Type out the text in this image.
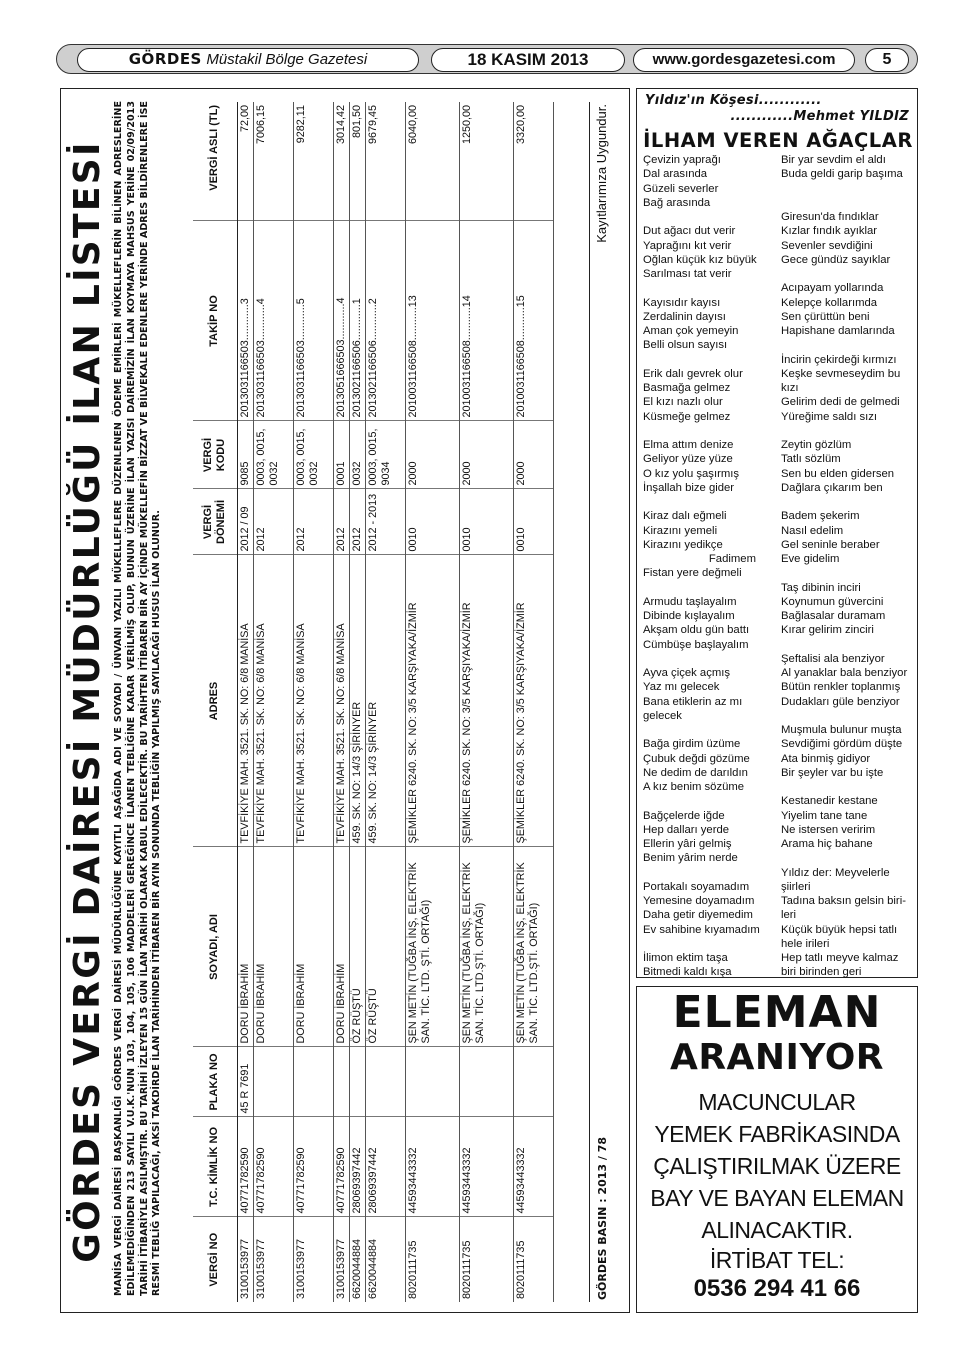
GÖRDES Müstakil Bölge Gazetesi	18 KASIM 2013	www.gordesgazetesi.com	5
GÖRDES VERGİ DAİRESİ MÜDÜRLÜĞÜ İLAN LİSTESİ MANİSA VERGİ DAİRESİ BAŞKANLIĞI GÖRDES VERGİ DAİRESİ MÜDÜRLÜĞÜNE KAYITLI AŞAĞIDA ADI VE SOYADI / ÜNVANI YAZILI MÜKELLEFLERE DÜZENLENEN ÖDEME EMİRLERİ MÜKELLEFLERİN BİLİNEN ADRESLERİNE EDİLEMEDİĞİNDEN 213 SAYILI V.U.K.'NUN 103, 104, 105, 106 MADDELERİ GEREĞİNCE İLANEN TEBLİĞİNE KARAR VERİLMİŞ OLUP, BUNUN ÜZERİNE İLAN YAZISI DAİREMİZİN İLAN KOYMAYA MAHSUS YERİNE 02/09/2013 TARİHİ İTİBARİYLE ASILMIŞTIR. BU TARİHİ İZLEYEN 15 GÜN İLAN TARİHİ OLARAK KABUL EDİLECEKTİR. BU TARİHTEN İTİBAREN BİR AY İÇİNDE MÜKELLEFİN BİZZAT VE BİLVEKALE EDENLERE YERİNDE ADRES BİLDİRENLERE İSE RESMİ TEBLİĞ YAPILACAĞI, AKSİ TAKDİRDE İLAN TARİHİNDEN İTİBAREN BİR AYIN SONUNDA TEBLİĞİN YAPILMIŞ SAYILACAĞI HUSUS İLAN OLUNUR.	VERGİ NO	T.C. KİMLİK NO	PLAKA NO	SOYADI, ADI	ADRES	VERGİ DÖNEMİ	VERGİ KODU	TAKİP NO	VERGİ ASLI (TL)
3100153977	40771782590	45 R 7691	DORU İBRAHİM	TEVFİKİYE MAH. 3521. SK. NO: 6/8 MANİSA	2012 / 09	9085	2013031166503............3	72,00
3100153977	40771782590		DORU İBRAHİM	TEVFİKİYE MAH. 3521. SK. NO: 6/8 MANİSA	2012	0003, 0015, 0032	2013031166503............4	7006,15
3100153977	40771782590		DORU İBRAHİM	TEVFİKİYE MAH. 3521. SK. NO: 6/8 MANİSA	2012	0003, 0015, 0032	2013031166503............5	9282,11
3100153977	40771782590		DORU İBRAHİM	TEVFİKİYE MAH. 3521. SK. NO: 6/8 MANİSA	2012	0001	2013051666503............4	3014,42
6620044884	28069397442		ÖZ RÜŞTÜ	459. SK. NO: 14/3 ŞİRİNYER	2012	0032	2013021166506............1	801,50
6620044884	28069397442		ÖZ RÜŞTÜ	459. SK. NO: 14/3 ŞİRİNYER	2012 - 2013	0003, 0015, 9034	2013021166506............2	9679,45
8020111735	44593443332		ŞEN METİN (TUĞBA İNŞ, ELEKTRİK SAN. TİC. LTD. ŞTİ. ORTAĞI)	ŞEMİKLER 6240. SK. NO: 3/5 KARŞIYAKA/İZMİR	0010	2000	2010031166508...........13	6040,00
8020111735	44593443332		ŞEN METİN (TUĞBA İNŞ, ELEKTRİK SAN. TİC. LTD.ŞTİ. ORTAĞI)	ŞEMİKLER 6240. SK. NO: 3/5 KARŞIYAKA/İZMİR	0010	2000	2010031166508...........14	1250,00
8020111735	44593443332		ŞEN METİN (TUĞBA İNŞ, ELEKTRİK SAN. TİC. LTD.ŞTİ. ORTAĞI)	ŞEMİKLER 6240. SK. NO: 3/5 KARŞIYAKA/İZMİR	0010	2000	2010031166508...........15	3320,00
GÖRDES BASIN : 2013 / 78
Kayıtlarımıza Uygundur.
Yıldız'ın Köşesi............
............Mehmet YILDIZ
İLHAM VEREN AĞAÇLAR
Çevizin yaprağı
Dal arasında
Güzeli severler
Bağ arasında

Dut ağacı dut verir
Yaprağını kıt verir
Oğlan küçük kız büyük
Sarılması tat verir

Kayısıdır kayısı
Zerdalinin dayısı
Aman çok yemeyin
Belli olsun sayısı

Erik dalı gevrek olur
Basmağa gelmez
El kızı nazlı olur
Küsmeğe gelmez

Elma attım denize
Geliyor yüze yüze
O kız yolu şaşırmış
İnşallah bize gider

Kiraz dalı eğmeli
Kirazını yemeli
Kirazını yedikçe
Fadimem
Fistan yere değmeli

Armudu taşlayalım
Dibinde kışlayalım
Akşam oldu gün battı
Cümbüşe başlayalım

Ayva çiçek açmış
Yaz mı gelecek
Bana etiklerin az mı
gelecek

Bağa girdim üzüme
Çubuk değdi gözüme
Ne dedim de darıldın
A kız benim sözüme

Bağçelerde iğde
Hep dalları yerde
Ellerin yâri gelmiş
Benim yârim nerde

Portakalı soyamadım
Yemesine doyamadım
Daha getir diyemedim
Ev sahibine kıyamadım

İlimon ektim taşa
Bitmedi kaldı kışa
Bir yar sevdim el aldı
Buda geldi garip başıma

Giresun'da fındıklar
Kızlar fındık ayıklar
Sevenler sevdiğini
Gece gündüz sayıklar

Acıpayam yollarında
Kelepçe kollarımda
Sen çürüttün beni
Hapishane damlarında

İncirin çekirdeği kırmızı
Keşke sevmeseydim bu
kızı
Gelirim dedi de gelmedi
Yüreğime saldı sızı

Zeytin gözlüm
Tatlı sözlüm
Sen bu elden gidersen
Dağlara çıkarım ben

Badem şekerim
Nasıl edelim
Gel seninle beraber
Eve gidelim

Taş dibinin inciri
Koynumun güvercini
Bağlasalar duramam
Kırar gelirim zinciri

Şeftalisi ala benziyor
Al yanaklar bala benziyor
Bütün renkler toplanmış
Dudakları güle benziyor

Muşmula bulunur muşta
Sevdiğimi gördüm düşte
Ata binmiş gidiyor
Bir şeyler var bu işte

Kestanedir kestane
Yiyelim tane tane
Ne istersen veririm
Arama hiç bahane

Yıldız der: Meyvelerle
şiirleri
Tadına baksın gelsin biri-
leri
Küçük büyük hepsi tatlı
hele irileri
Hep tatlı meyve kalmaz
biri birinden geri
ELEMAN
ARANIYOR
MACUNCULAR
YEMEK FABRİKASINDA
ÇALIŞTIRILMAK ÜZERE
BAY VE BAYAN ELEMAN
ALINACAKTIR.
İRTİBAT TEL:
0536 294 41 66
